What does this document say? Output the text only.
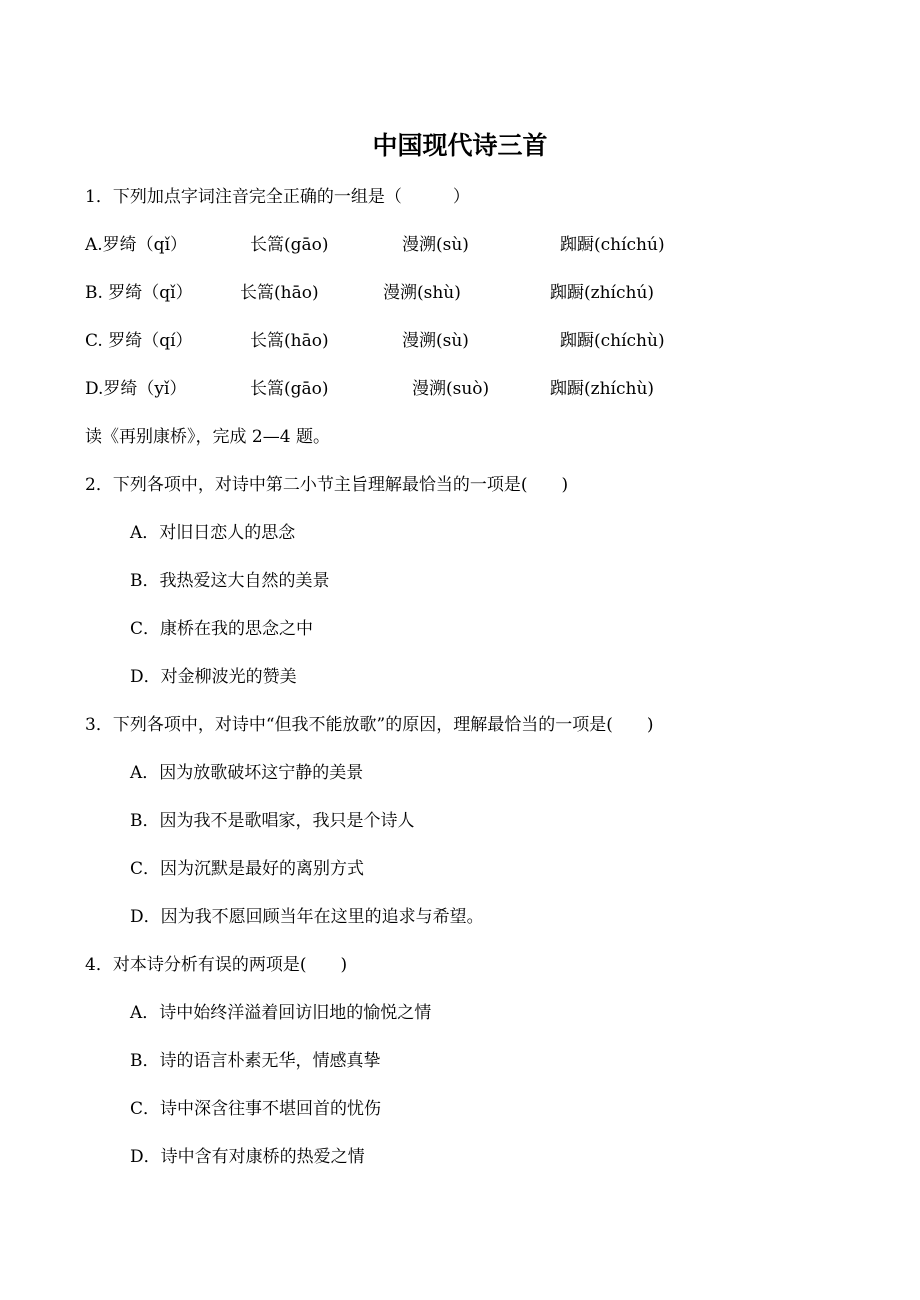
中国现代诗三首
1．下列加点字词注音完全正确的一组是（　　　）
A.罗绮（qǐ）	长篙(gāo)	漫溯(sù)	踟蹰(chíchú)
B. 罗绮（qǐ）	长篙(hāo)	漫溯(shù)	踟蹰(zhíchú)
C. 罗绮（qí）	长篙(hāo)	漫溯(sù)	踟蹰(chíchù)
D.罗绮（yǐ）	长篙(gāo)	漫溯(suò)	踟蹰(zhíchù)
读《再别康桥》，完成 2—4 题。
2．下列各项中，对诗中第二小节主旨理解最恰当的一项是(　　)
A．对旧日恋人的思念
B．我热爱这大自然的美景
C．康桥在我的思念之中
D．对金柳波光的赞美
3．下列各项中，对诗中“但我不能放歌”的原因，理解最恰当的一项是(　　)
A．因为放歌破坏这宁静的美景
B．因为我不是歌唱家，我只是个诗人
C．因为沉默是最好的离别方式
D．因为我不愿回顾当年在这里的追求与希望。
4．对本诗分析有误的两项是(　　)
A．诗中始终洋溢着回访旧地的愉悦之情
B．诗的语言朴素无华，情感真挚
C．诗中深含往事不堪回首的忧伤
D．诗中含有对康桥的热爱之情
